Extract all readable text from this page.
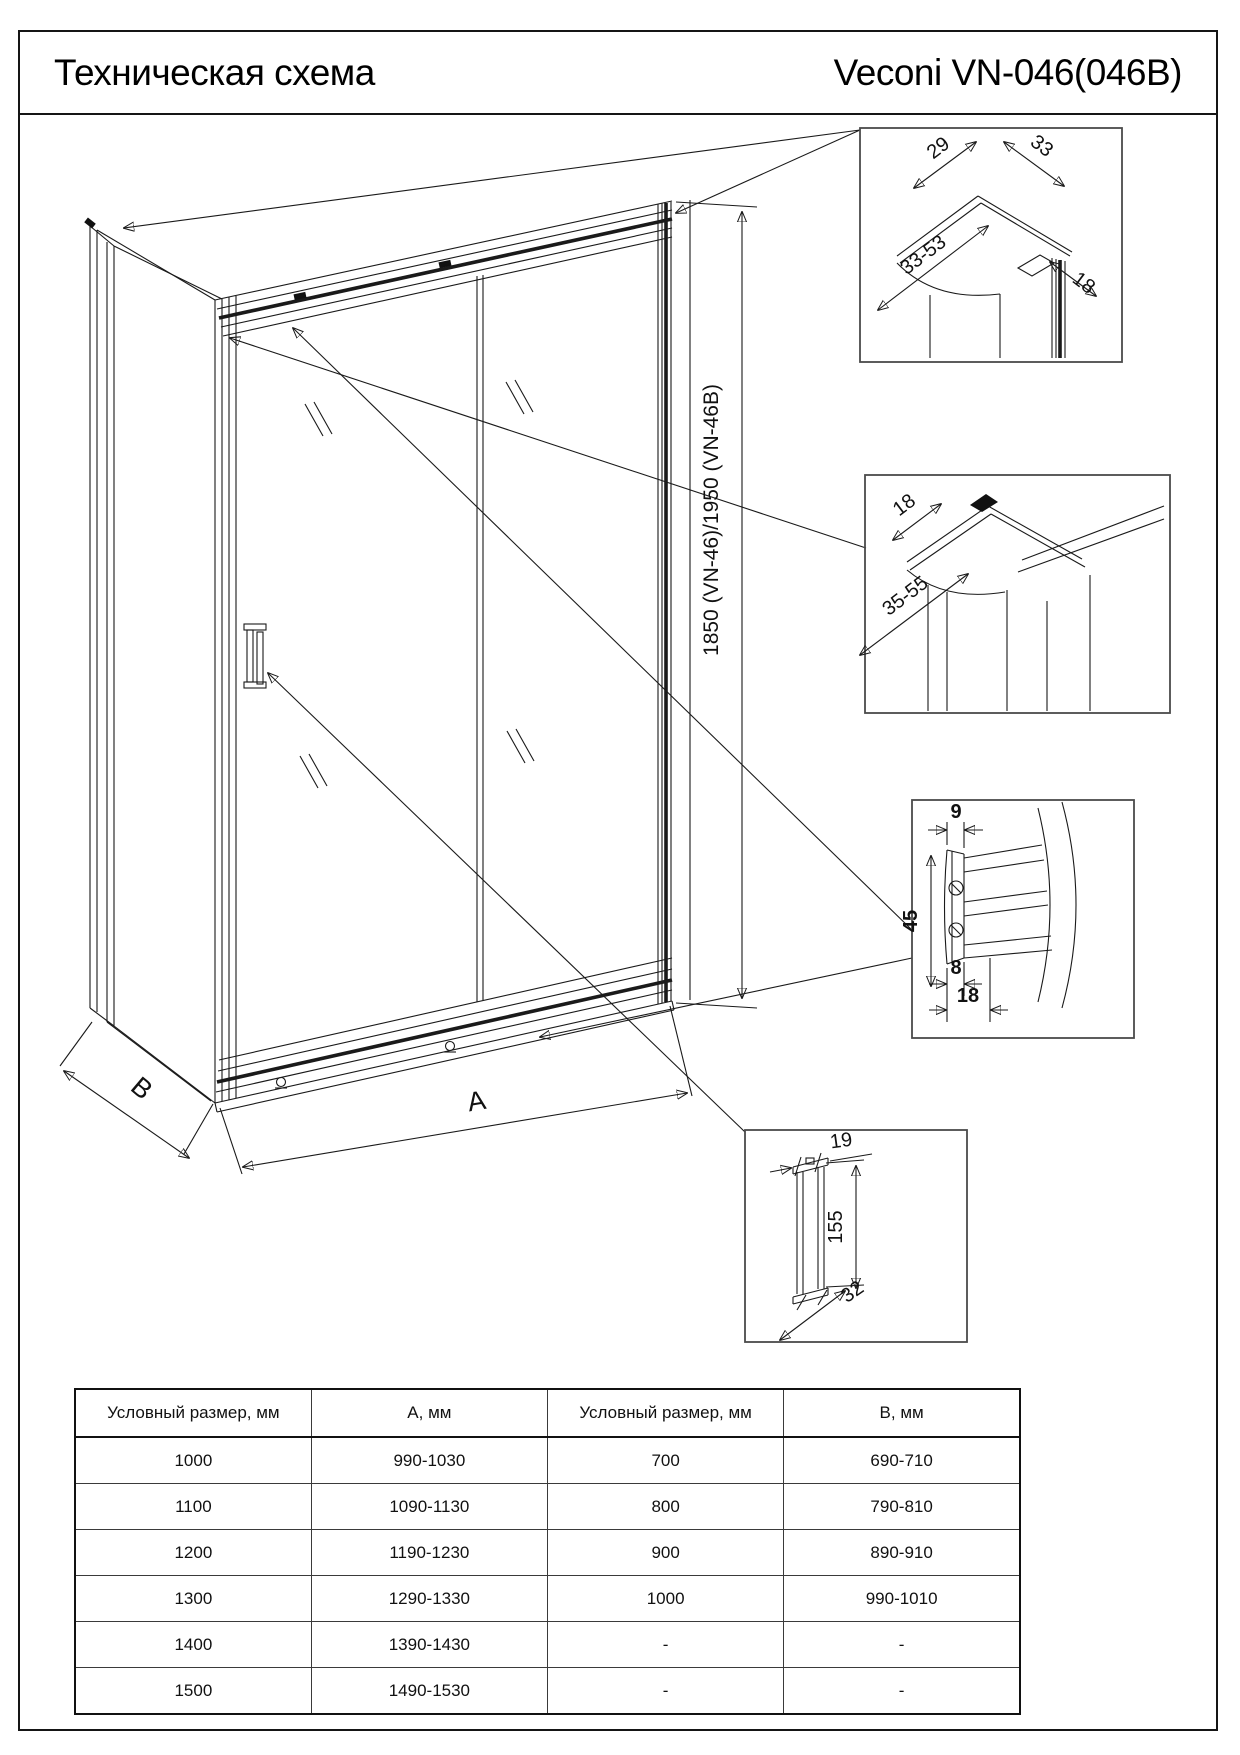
Техническая схема	Veconi VN-046(046B)
1850 (VN-46)/1950 (VN-46B)
A
B
29	33
33-53
18
18
35-55
9
45
8
18
19
155
32
Условный размер, мм	А, мм	Условный размер, мм	В, мм
1000	990-1030	700	690-710
1100	1090-1130	800	790-810
1200	1190-1230	900	890-910
1300	1290-1330	1000	990-1010
1400	1390-1430	-	-
1500	1490-1530	-	-
